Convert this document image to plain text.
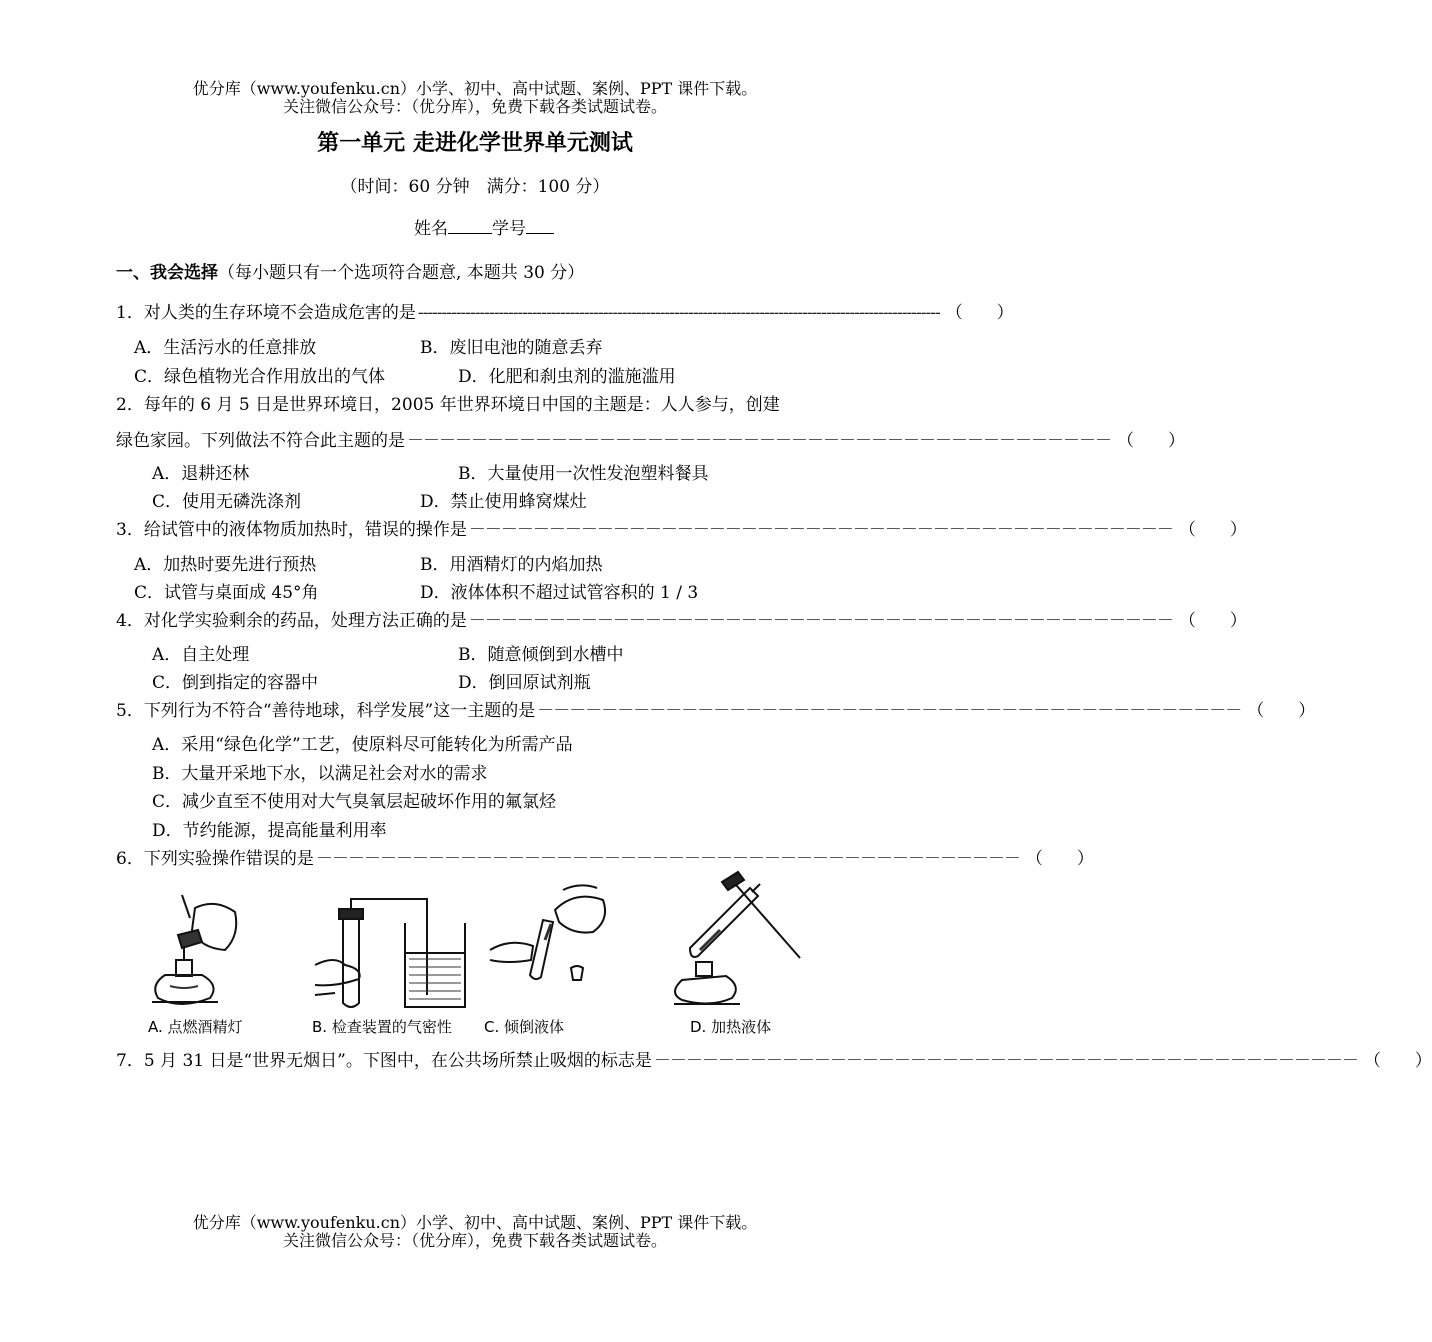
优分库（www.youfenku.cn）小学、初中、高中试题、案例、PPT 课件下载。
关注微信公众号：（优分库），免费下载各类试题试卷。
第一单元 走进化学世界单元测试
（时间：60 分钟　满分：100 分）
姓名	学号
一、我会选择（每小题只有一个选项符合题意, 本题共 30 分）
1．对人类的生存环境不会造成危害的是 -------------------------------------------------------------------------------------------------------------- （　　）
A．生活污水的任意排放	B．废旧电池的随意丢弃
C．绿色植物光合作用放出的气体	D．化肥和刹虫剂的滥施滥用
2．每年的 6 月 5 日是世界环境日，2005 年世界环境日中国的主题是：人人参与，创建
绿色家园。下列做法不符合此主题的是 －－－－－－－－－－－－－－－－－－－－－－－－－－－－－－－－－－－－－－－－－－－－ （　　）
A．退耕还林	B．大量使用一次性发泡塑料餐具
C．使用无磷洗涤剂	D．禁止使用蜂窝煤灶
3．给试管中的液体物质加热时，错误的操作是 －－－－－－－－－－－－－－－－－－－－－－－－－－－－－－－－－－－－－－－－－－－－ （　　）
A．加热时要先进行预热	B．用酒精灯的内焰加热
C．试管与桌面成 45°角	D．液体体积不超过试管容积的 1 / 3
4．对化学实验剩余的药品，处理方法正确的是 －－－－－－－－－－－－－－－－－－－－－－－－－－－－－－－－－－－－－－－－－－－－ （　　）
A．自主处理	B．随意倾倒到水槽中
C．倒到指定的容器中	D．倒回原试剂瓶
5．下列行为不符合“善待地球，科学发展”这一主题的是 －－－－－－－－－－－－－－－－－－－－－－－－－－－－－－－－－－－－－－－－－－－－ （　　）
A．采用“绿色化学”工艺，使原料尽可能转化为所需产品
B．大量开采地下水，以满足社会对水的需求
C．减少直至不使用对大气臭氧层起破坏作用的氟氯烃
D．节约能源，提高能量利用率
6．下列实验操作错误的是 －－－－－－－－－－－－－－－－－－－－－－－－－－－－－－－－－－－－－－－－－－－－ （　　）
A. 点燃酒精灯	B. 检查装置的气密性 C. 倾倒液体	D. 加热液体
7．5 月 31 日是“世界无烟日”。下图中，在公共场所禁止吸烟的标志是 －－－－－－－－－－－－－－－－－－－－－－－－－－－－－－－－－－－－－－－－－－－－ （　　）
优分库（www.youfenku.cn）小学、初中、高中试题、案例、PPT 课件下载。
关注微信公众号：（优分库），免费下载各类试题试卷。
